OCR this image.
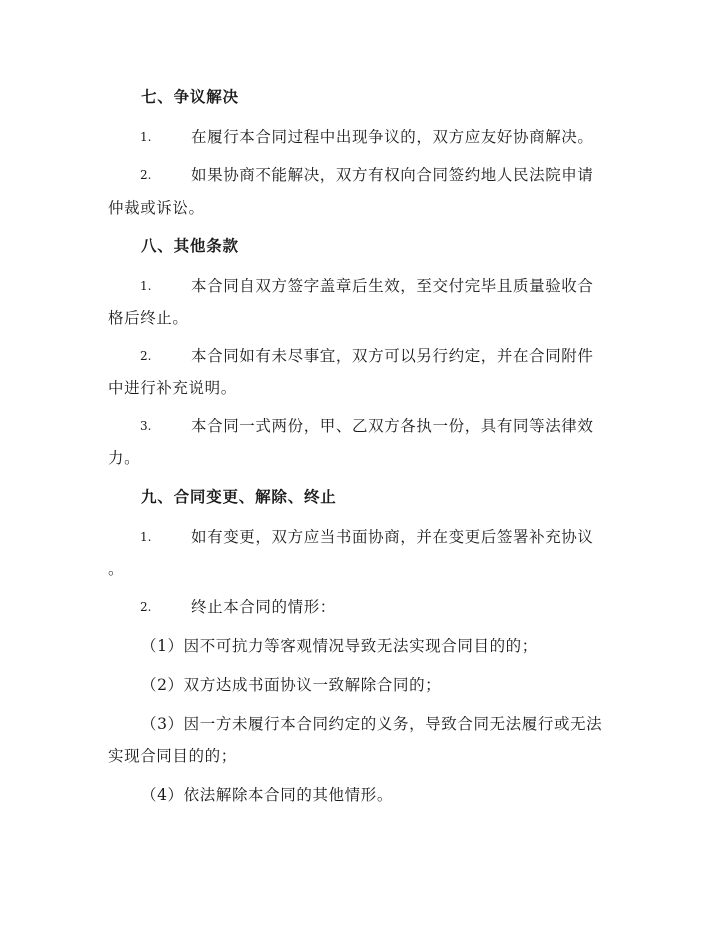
七、争议解决
1.	在履行本合同过程中出现争议的，双方应友好协商解决。
2.	如果协商不能解决，双方有权向合同签约地人民法院申请
仲裁或诉讼。
八、其他条款
1.	本合同自双方签字盖章后生效，至交付完毕且质量验收合
格后终止。
2.	本合同如有未尽事宜，双方可以另行约定，并在合同附件
中进行补充说明。
3.	本合同一式两份，甲、乙双方各执一份，具有同等法律效
力。
九、合同变更、解除、终止
1.	如有变更，双方应当书面协商，并在变更后签署补充协议
。
2.	终止本合同的情形：
（1）因不可抗力等客观情况导致无法实现合同目的的；
（2）双方达成书面协议一致解除合同的；
（3）因一方未履行本合同约定的义务，导致合同无法履行或无法
实现合同目的的；
（4）依法解除本合同的其他情形。
